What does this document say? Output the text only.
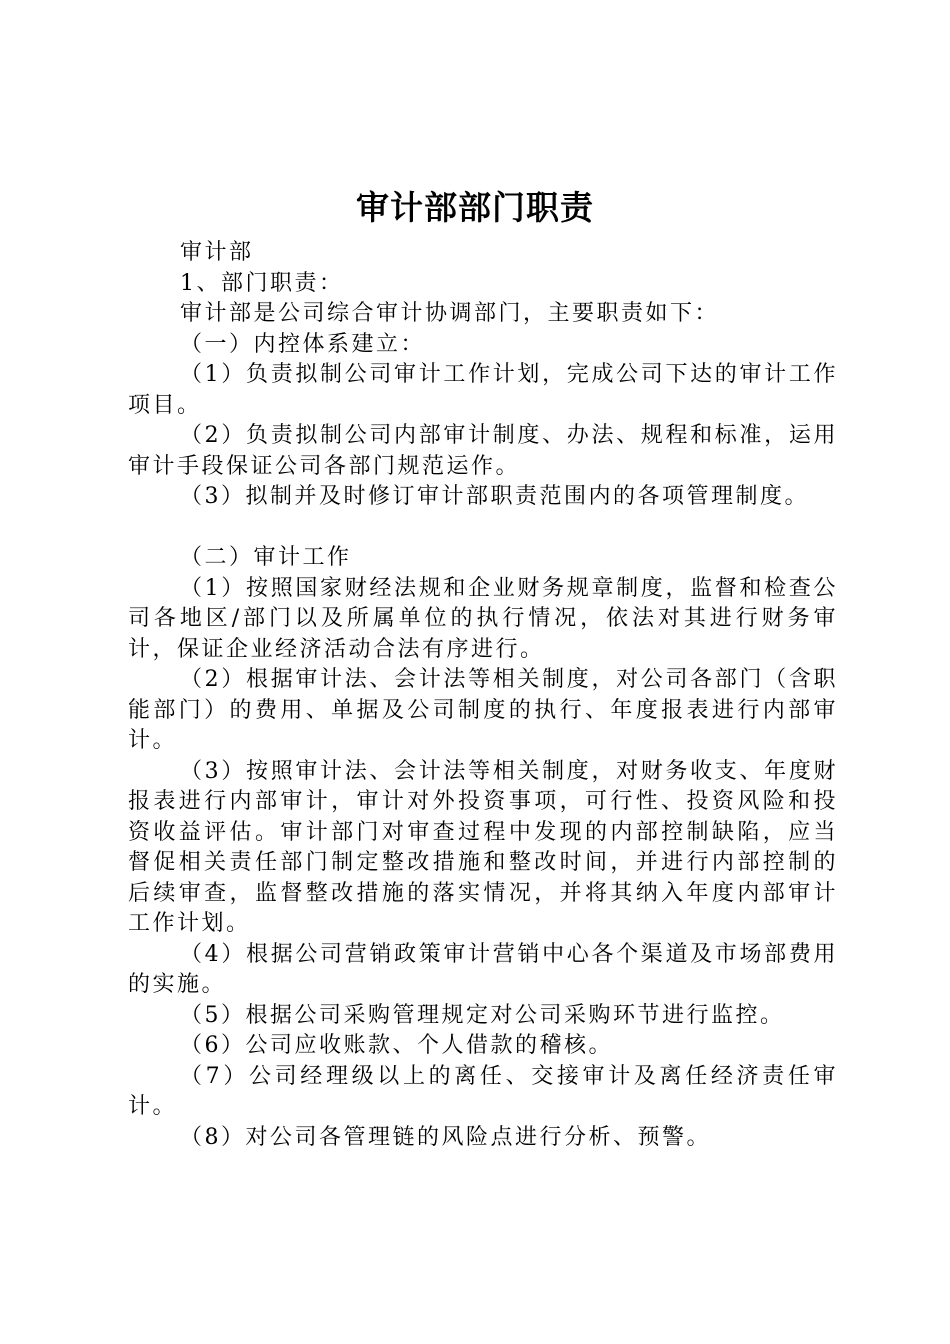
审计部部门职责

审计部

1、部门职责：

审计部是公司综合审计协调部门，主要职责如下：

（一）内控体系建立：

（1）负责拟制公司审计工作计划，完成公司下达的审计工作项目。

（2）负责拟制公司内部审计制度、办法、规程和标准，运用审计手段保证公司各部门规范运作。

（3）拟制并及时修订审计部职责范围内的各项管理制度。

（二）审计工作

（1）按照国家财经法规和企业财务规章制度，监督和检查公司各地区/部门以及所属单位的执行情况，依法对其进行财务审计，保证企业经济活动合法有序进行。

（2）根据审计法、会计法等相关制度，对公司各部门（含职能部门）的费用、单据及公司制度的执行、年度报表进行内部审计。

（3）按照审计法、会计法等相关制度，对财务收支、年度财报表进行内部审计，审计对外投资事项，可行性、投资风险和投资收益评估。审计部门对审查过程中发现的内部控制缺陷，应当督促相关责任部门制定整改措施和整改时间，并进行内部控制的后续审查，监督整改措施的落实情况，并将其纳入年度内部审计工作计划。

（4）根据公司营销政策审计营销中心各个渠道及市场部费用的实施。

（5）根据公司采购管理规定对公司采购环节进行监控。

（6）公司应收账款、个人借款的稽核。

（7）公司经理级以上的离任、交接审计及离任经济责任审计。

（8）对公司各管理链的风险点进行分析、预警。
